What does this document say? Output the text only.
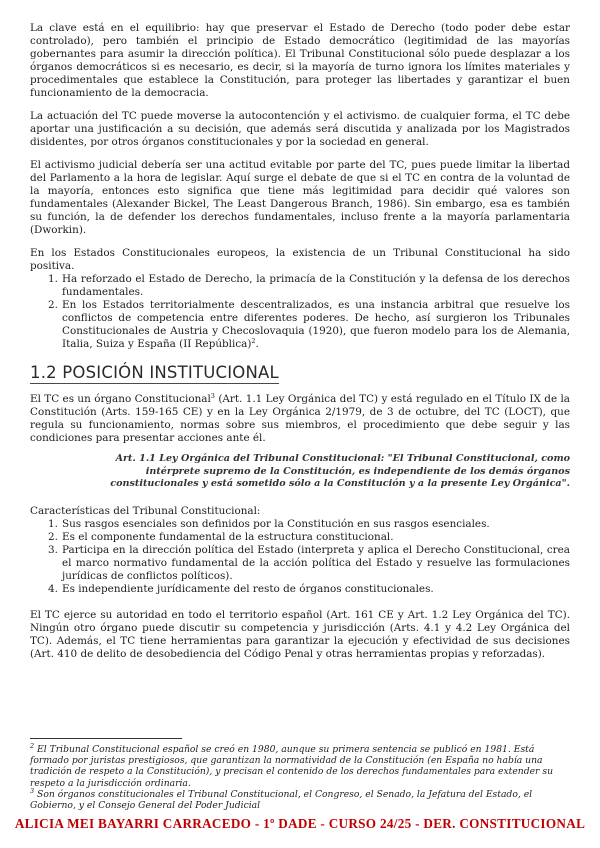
La clave está en el equilibrio: hay que preservar el Estado de Derecho (todo poder debe estar controlado), pero también el principio de Estado democrático (legitimidad de las mayorías gobernantes para asumir la dirección política). El Tribunal Constitucional sólo puede desplazar a los órganos democráticos si es necesario, es decir, si la mayoría de turno ignora los límites materiales y procedimentales que establece la Constitución, para proteger las libertades y garantizar el buen funcionamiento de la democracia.

La actuación del TC puede moverse la autocontención y el activismo. de cualquier forma, el TC debe aportar una justificación a su decisión, que además será discutida y analizada por los Magistrados disidentes, por otros órganos constitucionales y por la sociedad en general.

El activismo judicial debería ser una actitud evitable por parte del TC, pues puede limitar la libertad del Parlamento a la hora de legislar. Aquí surge el debate de que si el TC en contra de la voluntad de la mayoría, entonces esto significa que tiene más legitimidad para decidir qué valores son fundamentales (Alexander Bickel, The Least Dangerous Branch, 1986). Sin embargo, esa es también su función, la de defender los derechos fundamentales, incluso frente a la mayoría parlamentaria (Dworkin).

En los Estados Constitucionales europeos, la existencia de un Tribunal Constitucional ha sido positiva.

1. Ha reforzado el Estado de Derecho, la primacía de la Constitución y la defensa de los derechos fundamentales.
2. En los Estados territorialmente descentralizados, es una instancia arbitral que resuelve los conflictos de competencia entre diferentes poderes. De hecho, así surgieron los Tribunales Constitucionales de Austria y Checoslovaquia (1920), que fueron modelo para los de Alemania, Italia, Suiza y España (II República)$^2$.
1.2 POSICIÓN INSTITUCIONAL

El TC es un órgano Constitucional$^3$ (Art. 1.1 Ley Orgánica del TC) y está regulado en el Título IX de la Constitución (Arts. 159-165 CE) y en la Ley Orgánica 2/1979, de 3 de octubre, del TC (LOCT), que regula su funcionamiento, normas sobre sus miembros, el procedimiento que debe seguir y las condiciones para presentar acciones ante él.

Art. 1.1 Ley Orgánica del Tribunal Constitucional: "El Tribunal Constitucional, como intérprete supremo de la Constitución, es independiente de los demás órganos constitucionales y está sometido sólo a la Constitución y a la presente Ley Orgánica".

Características del Tribunal Constitucional:

1. Sus rasgos esenciales son definidos por la Constitución en sus rasgos esenciales.
2. Es el componente fundamental de la estructura constitucional.
3. Participa en la dirección política del Estado (interpreta y aplica el Derecho Constitucional, crea el marco normativo fundamental de la acción política del Estado y resuelve las formulaciones jurídicas de conflictos políticos).
4. Es independiente jurídicamente del resto de órganos constitucionales.

El TC ejerce su autoridad en todo el territorio español (Art. 161 CE y Art. 1.2 Ley Orgánica del TC). Ningún otro órgano puede discutir su competencia y jurisdicción (Arts. 4.1 y 4.2 Ley Orgánica del TC). Además, el TC tiene herramientas para garantizar la ejecución y efectividad de sus decisiones (Art. 410 de delito de desobediencia del Código Penal y otras herramientas propias y reforzadas).

$^2$ El Tribunal Constitucional español se creó en 1980, aunque su primera sentencia se publicó en 1981. Está formado por juristas prestigiosos, que garantizan la normatividad de la Constitución (en España no había una tradición de respeto a la Constitución), y precisan el contenido de los derechos fundamentales para extender su respeto a la jurisdicción ordinaria.

$^3$ Son órganos constitucionales el Tribunal Constitucional, el Congreso, el Senado, la Jefatura del Estado, el Gobierno, y el Consejo General del Poder Judicial

ALICIA MEI BAYARRI CARRACEDO - 1º DADE - CURSO 24/25 - DER. CONSTITUCIONAL
